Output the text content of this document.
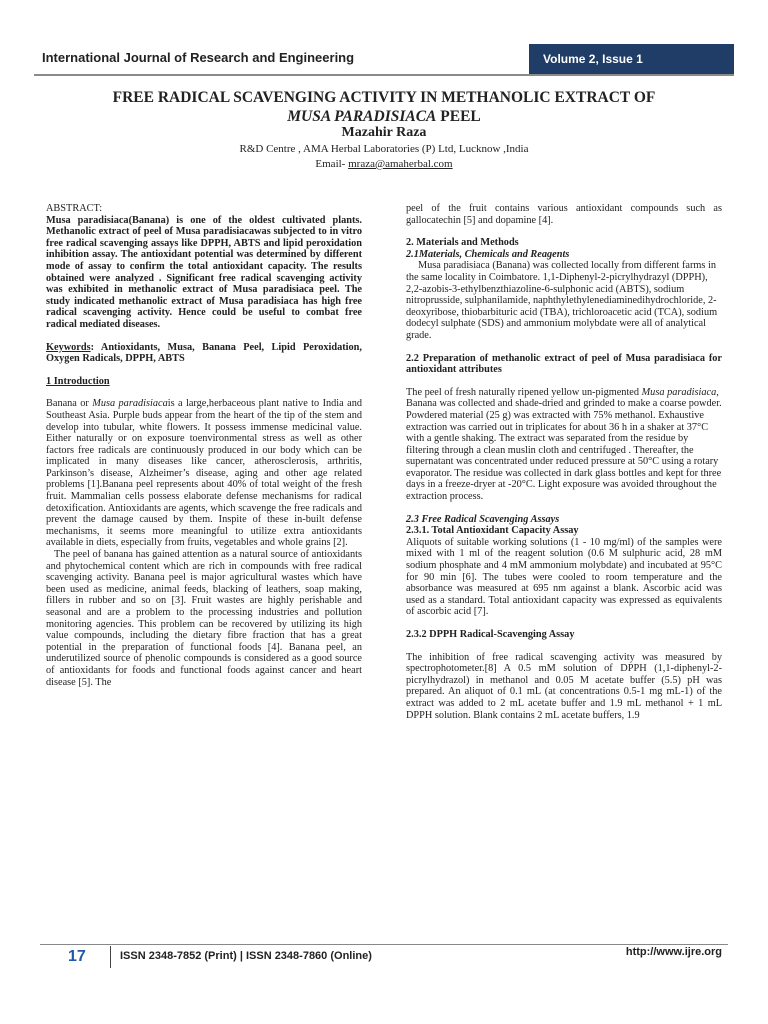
International Journal of Research and Engineering	Volume 2, Issue 1
FREE RADICAL SCAVENGING ACTIVITY IN METHANOLIC EXTRACT OF
MUSA PARADISIACA PEEL
Mazahir Raza
R&D Centre , AMA Herbal Laboratories (P) Ltd, Lucknow ,India
Email- mraza@amaherbal.com

ABSTRACT:

Musa paradisiaca(Banana) is one of the oldest cultivated plants. Methanolic extract of peel of Musa paradisiacawas subjected to in vitro free radical scavenging assays like DPPH, ABTS and lipid peroxidation inhibition assay. The antioxidant potential was determined by different mode of assay to confirm the total antioxidant capacity. The results obtained were analyzed . Significant free radical scavenging activity was exhibited in methanolic extract of Musa paradisiaca peel. The study indicated methanolic extract of Musa paradisiaca has high free radical scavenging activity. Hence could be useful to combat free radical mediated diseases.

Keywords: Antioxidants, Musa, Banana Peel, Lipid Peroxidation, Oxygen Radicals, DPPH, ABTS

1 Introduction

Banana or Musa paradisiacais a large,herbaceous plant native to India and Southeast Asia. Purple buds appear from the heart of the tip of the stem and develop into tubular, white flowers. It possess immense medicinal value. Either naturally or on exposure toenvironmental stress as well as other factors free radicals are continuously produced in our body which can be implicated in many diseases like cancer, atherosclerosis, arthritis, Parkinson’s disease, Alzheimer’s disease, aging and other age related problems [1].Banana peel represents about 40% of total weight of the fresh fruit. Mammalian cells possess elaborate defense mechanisms for radical detoxification. Antioxidants are agents, which scavenge the free radicals and prevent the damage caused by them. Inspite of these in-built defense mechanisms, it seems more meaningful to utilize extra antioxidants available in diets, especially from fruits, vegetables and whole grains [2].

The peel of banana has gained attention as a natural source of antioxidants and phytochemical content which are rich in compounds with free radical scavenging activity. Banana peel is major agricultural wastes which have been used as medicine, animal feeds, blacking of leathers, soap making, fillers in rubber and so on [3]. Fruit wastes are highly perishable and seasonal and are a problem to the processing industries and pollution monitoring agencies. This problem can be recovered by utilizing its high value compounds, including the dietary fibre fraction that has a great potential in the preparation of functional foods [4]. Banana peel, an underutilized source of phenolic compounds is considered as a good source of antioxidants for foods and functional foods against cancer and heart disease [5]. The

peel of the fruit contains various antioxidant compounds such as gallocatechin [5] and dopamine [4].

2. Materials and Methods

2.1Materials, Chemicals and Reagents

Musa paradisiaca (Banana) was collected locally from different farms in the same locality in Coimbatore. 1,1-Diphenyl-2-picrylhydrazyl (DPPH), 2,2-azobis-3-ethylbenzthiazoline-6-sulphonic acid (ABTS), sodium nitroprusside, sulphanilamide, naphthylethylenediaminedihydrochloride, 2-deoxyribose, thiobarbituric acid (TBA), trichloroacetic acid (TCA), sodium dodecyl sulphate (SDS) and ammonium molybdate were all of analytical grade.

2.2 Preparation of methanolic extract of peel of Musa paradisiaca for antioxidant attributes

The peel of fresh naturally ripened yellow un-pigmented Musa paradisiaca, Banana was collected and shade-dried and grinded to make a coarse powder. Powdered material (25 g) was extracted with 75% methanol. Exhaustive extraction was carried out in triplicates for about 36 h in a shaker at 37°C with a gentle shaking. The extract was separated from the residue by filtering through a clean muslin cloth and centrifuged . Thereafter, the supernatant was concentrated under reduced pressure at 50°C using a rotary evaporator. The residue was collected in dark glass bottles and kept for three days in a freeze-dryer at -20°C. Light exposure was avoided throughout the extraction process.

2.3 Free Radical Scavenging Assays

2.3.1. Total Antioxidant Capacity Assay

Aliquots of suitable working solutions (1 - 10 mg/ml) of the samples were mixed with 1 ml of the reagent solution (0.6 M sulphuric acid, 28 mM sodium phosphate and 4 mM ammonium molybdate) and incubated at 95°C for 90 min [6]. The tubes were cooled to room temperature and the absorbance was measured at 695 nm against a blank. Ascorbic acid was used as a standard. Total antioxidant capacity was expressed as equivalents of ascorbic acid [7].

2.3.2 DPPH Radical-Scavenging Assay

The inhibition of free radical scavenging activity was measured by spectrophotometer.[8] A 0.5 mM solution of DPPH (1,1-diphenyl-2- picrylhydrazol) in methanol and 0.05 M acetate buffer (5.5) pH was prepared. An aliquot of 0.1 mL (at concentrations 0.5-1 mg mL-1) of the extract was added to 2 mL acetate buffer and 1.9 mL methanol + 1 mL DPPH solution. Blank contains 2 mL acetate buffers, 1.9

17	ISSN 2348-7852 (Print) | ISSN 2348-7860 (Online)	http://www.ijre.org
